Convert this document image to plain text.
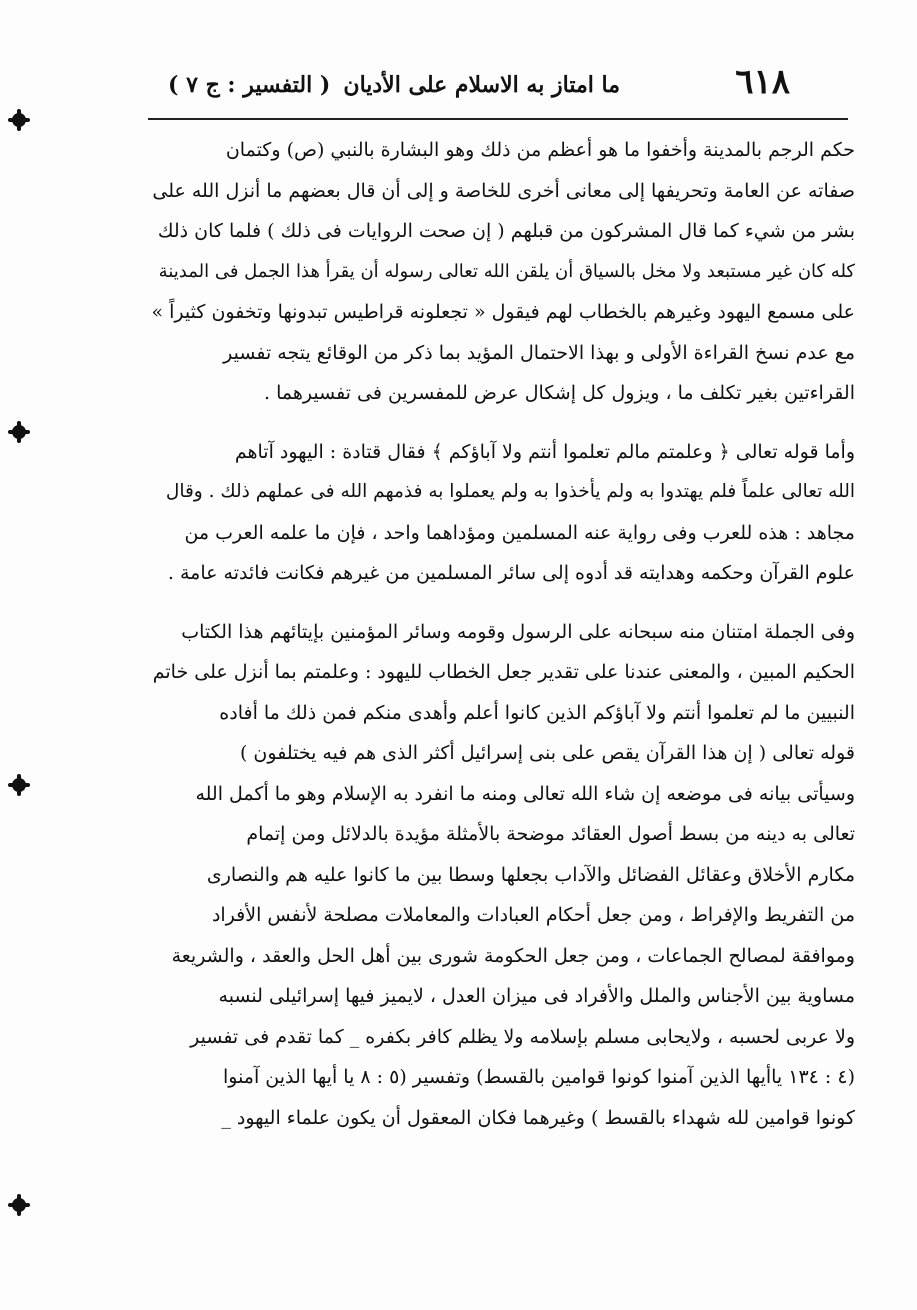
٦١٨
ما امتاز به الاسلام على الأديان
( التفسير : ج ٧ )

حكم الرجم بالمدينة وأخفوا ما هو أعظم من ذلك وهو البشارة بالنبي (ص) وكتمان
صفاته عن العامة وتحريفها إلى معانى أخرى للخاصة و إلى أن قال بعضهم ما أنزل الله على
بشر من شيء كما قال المشركون من قبلهم ( إن صحت الروايات فى ذلك ) فلما كان ذلك
كله كان غير مستبعد ولا مخل بالسياق أن يلقن الله تعالى رسوله أن يقرأ هذا الجمل فى المدينة
على مسمع اليهود وغيرهم بالخطاب لهم فيقول « تجعلونه قراطيس تبدونها وتخفون كثيراً »
مع عدم نسخ القراءة الأولى و بهذا الاحتمال المؤيد بما ذكر من الوقائع يتجه تفسير
القراءتين بغير تكلف ما ، ويزول كل إشكال عرض للمفسرين فى تفسيرهما .

وأما قوله تعالى ﴿ وعلمتم مالم تعلموا أنتم ولا آباؤكم ﴾ فقال قتادة : اليهود آتاهم
الله تعالى علماً فلم يهتدوا به ولم يأخذوا به ولم يعملوا به فذمهم الله فى عملهم ذلك . وقال
مجاهد : هذه للعرب وفى رواية عنه المسلمين ومؤداهما واحد ، فإن ما علمه العرب من
علوم القرآن وحكمه وهدايته قد أدوه إلى سائر المسلمين من غيرهم فكانت فائدته عامة .

وفى الجملة امتنان منه سبحانه على الرسول وقومه وسائر المؤمنين بإيتائهم هذا الكتاب
الحكيم المبين ، والمعنى عندنا على تقدير جعل الخطاب لليهود : وعلمتم بما أنزل على خاتم
النبيين ما لم تعلموا أنتم ولا آباؤكم الذين كانوا أعلم وأهدى منكم فمن ذلك ما أفاده
قوله تعالى ( إن هذا القرآن يقص على بنى إسرائيل أكثر الذى هم فيه يختلفون )
وسيأتى بيانه فى موضعه إن شاء الله تعالى ومنه ما انفرد به الإسلام وهو ما أكمل الله
تعالى به دينه من بسط أصول العقائد موضحة بالأمثلة مؤيدة بالدلائل ومن إتمام
مكارم الأخلاق وعقائل الفضائل والآداب بجعلها وسطا بين ما كانوا عليه هم والنصارى
من التفريط والإفراط ، ومن جعل أحكام العبادات والمعاملات مصلحة لأنفس الأفراد
وموافقة لمصالح الجماعات ، ومن جعل الحكومة شورى بين أهل الحل والعقد ، والشريعة
مساوية بين الأجناس والملل والأفراد فى ميزان العدل ، لايميز فيها إسرائيلى لنسبه
ولا عربى لحسبه ، ولايحابى مسلم بإسلامه ولا يظلم كافر بكفره _ كما تقدم فى تفسير
(٤ : ١٣٤ ياأيها الذين آمنوا كونوا قوامين بالقسط) وتفسير (٥ : ٨ يا أيها الذين آمنوا
كونوا قوامين لله شهداء بالقسط ) وغيرهما فكان المعقول أن يكون علماء اليهود _
